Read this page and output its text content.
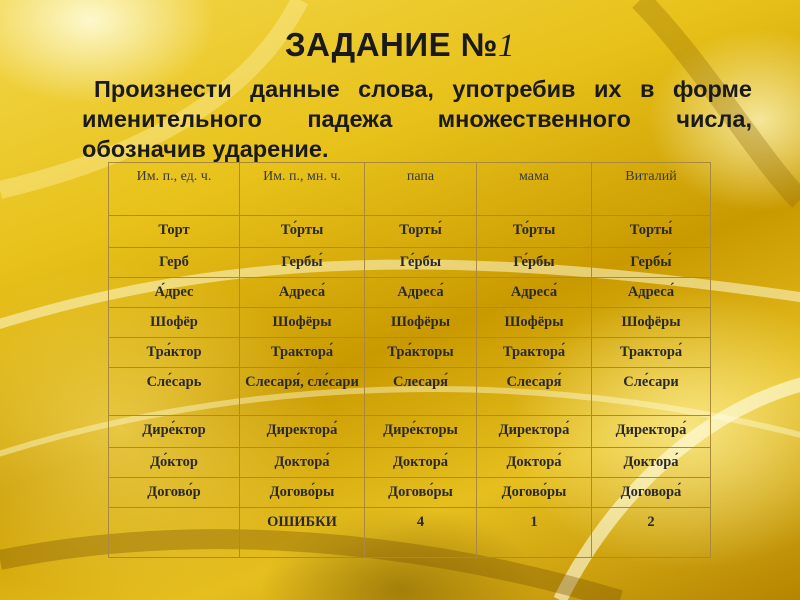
ЗАДАНИЕ №1
Произнести данные слова, употребив их в форме именительного падежа множественного числа, обозначив ударение.
Им. п., ед. ч.	Им. п., мн. ч.	папа	мама	Виталий
Торт	То́рты	Торты́	То́рты	Торты́
Герб	Гербы́	Ге́рбы	Ге́рбы	Гербы́
А́дрес	Адреса́	Адреса́	Адреса́	Адреса́
Шофёр	Шофёры	Шофёры	Шофёры	Шофёры
Тра́ктор	Трактора́	Тра́кторы	Трактора́	Трактора́
Сле́сарь	Слесаря́, сле́сари	Слесаря́	Слесаря́	Сле́сари
Дире́ктор	Директора́	Дире́кторы	Директора́	Директора́
До́ктор	Доктора́	Доктора́	Доктора́	Доктора́
Догово́р	Догово́ры	Догово́ры	Догово́ры	Договора́
	ОШИБКИ	4	1	2
